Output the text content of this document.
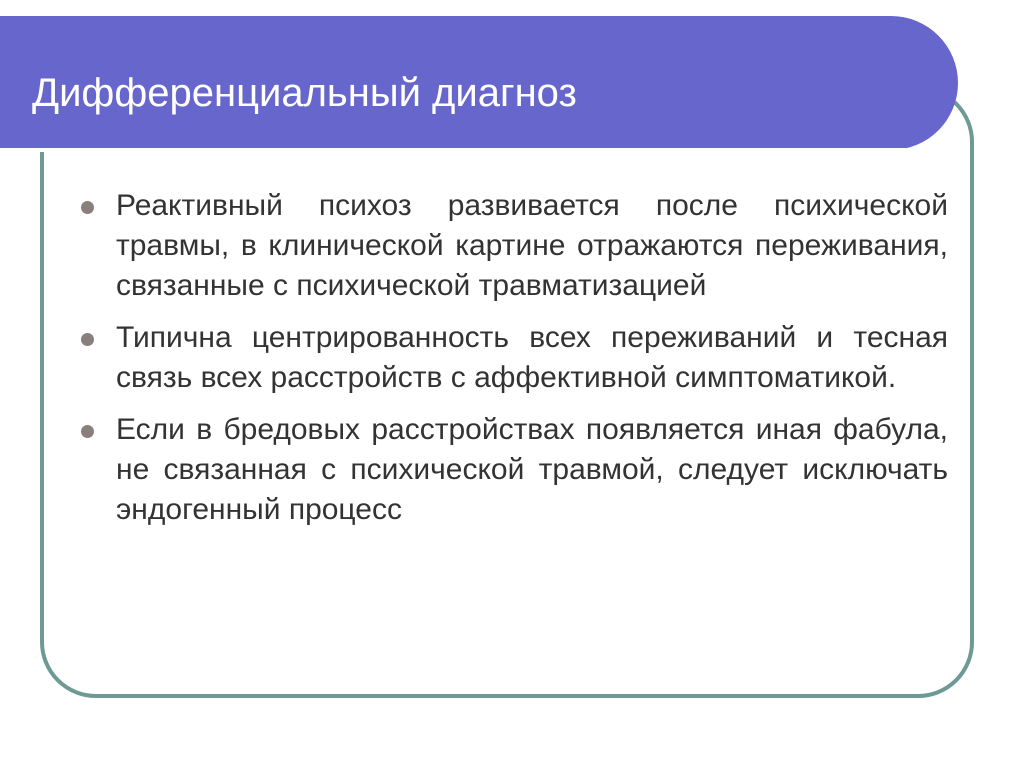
Дифференциальный диагноз
Реактивный психоз развивается после психической травмы, в клинической картине отражаются переживания, связанные с психической травматизацией
Типична центрированность всех переживаний и тесная связь всех расстройств с аффективной симптоматикой.
Если в бредовых расстройствах появляется иная фабула, не связанная с психической травмой, следует исключать эндогенный процесс
